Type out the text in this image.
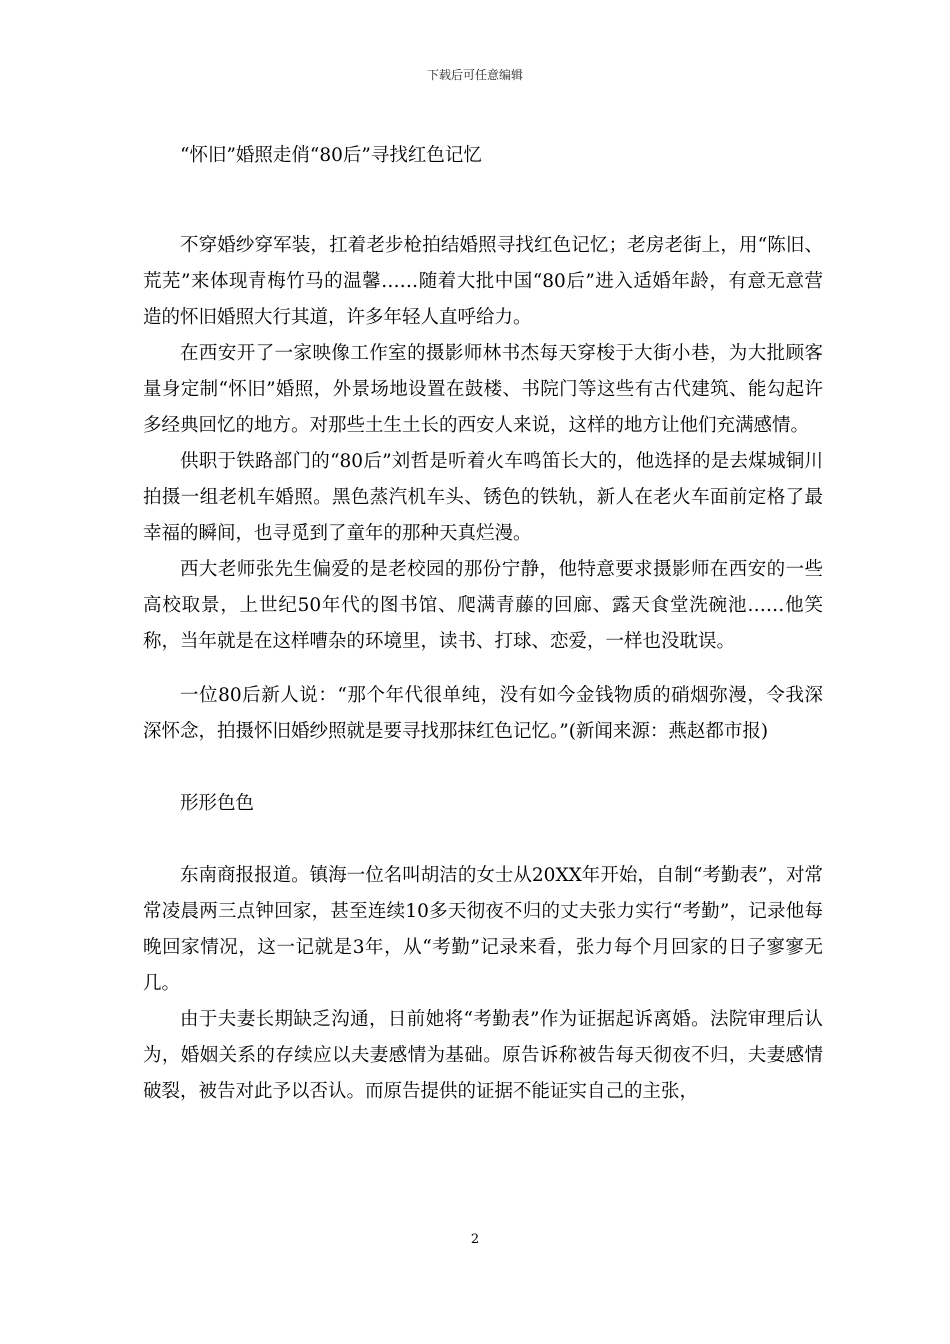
下载后可任意编辑
“怀旧”婚照走俏“80后”寻找红色记忆

不穿婚纱穿军装，扛着老步枪拍结婚照寻找红色记忆；老房老街上，用“陈旧、荒芜”来体现青梅竹马的温馨……随着大批中国“80后”进入适婚年龄，有意无意营造的怀旧婚照大行其道，许多年轻人直呼给力。

在西安开了一家映像工作室的摄影师林书杰每天穿梭于大街小巷，为大批顾客量身定制“怀旧”婚照，外景场地设置在鼓楼、书院门等这些有古代建筑、能勾起许多经典回忆的地方。对那些土生土长的西安人来说，这样的地方让他们充满感情。

供职于铁路部门的“80后”刘哲是听着火车鸣笛长大的，他选择的是去煤城铜川拍摄一组老机车婚照。黑色蒸汽机车头、锈色的铁轨，新人在老火车面前定格了最幸福的瞬间，也寻觅到了童年的那种天真烂漫。

西大老师张先生偏爱的是老校园的那份宁静，他特意要求摄影师在西安的一些高校取景，上世纪50年代的图书馆、爬满青藤的回廊、露天食堂洗碗池……他笑称，当年就是在这样嘈杂的环境里，读书、打球、恋爱，一样也没耽误。

一位80后新人说：“那个年代很单纯，没有如今金钱物质的硝烟弥漫，令我深深怀念，拍摄怀旧婚纱照就是要寻找那抹红色记忆。”(新闻来源：燕赵都市报)

形形色色

东南商报报道。镇海一位名叫胡洁的女士从20XX年开始，自制“考勤表”，对常常凌晨两三点钟回家，甚至连续10多天彻夜不归的丈夫张力实行“考勤”，记录他每晚回家情况，这一记就是3年，从“考勤”记录来看，张力每个月回家的日子寥寥无几。

由于夫妻长期缺乏沟通，日前她将“考勤表”作为证据起诉离婚。法院审理后认为，婚姻关系的存续应以夫妻感情为基础。原告诉称被告每天彻夜不归，夫妻感情破裂，被告对此予以否认。而原告提供的证据不能证实自己的主张，

2
